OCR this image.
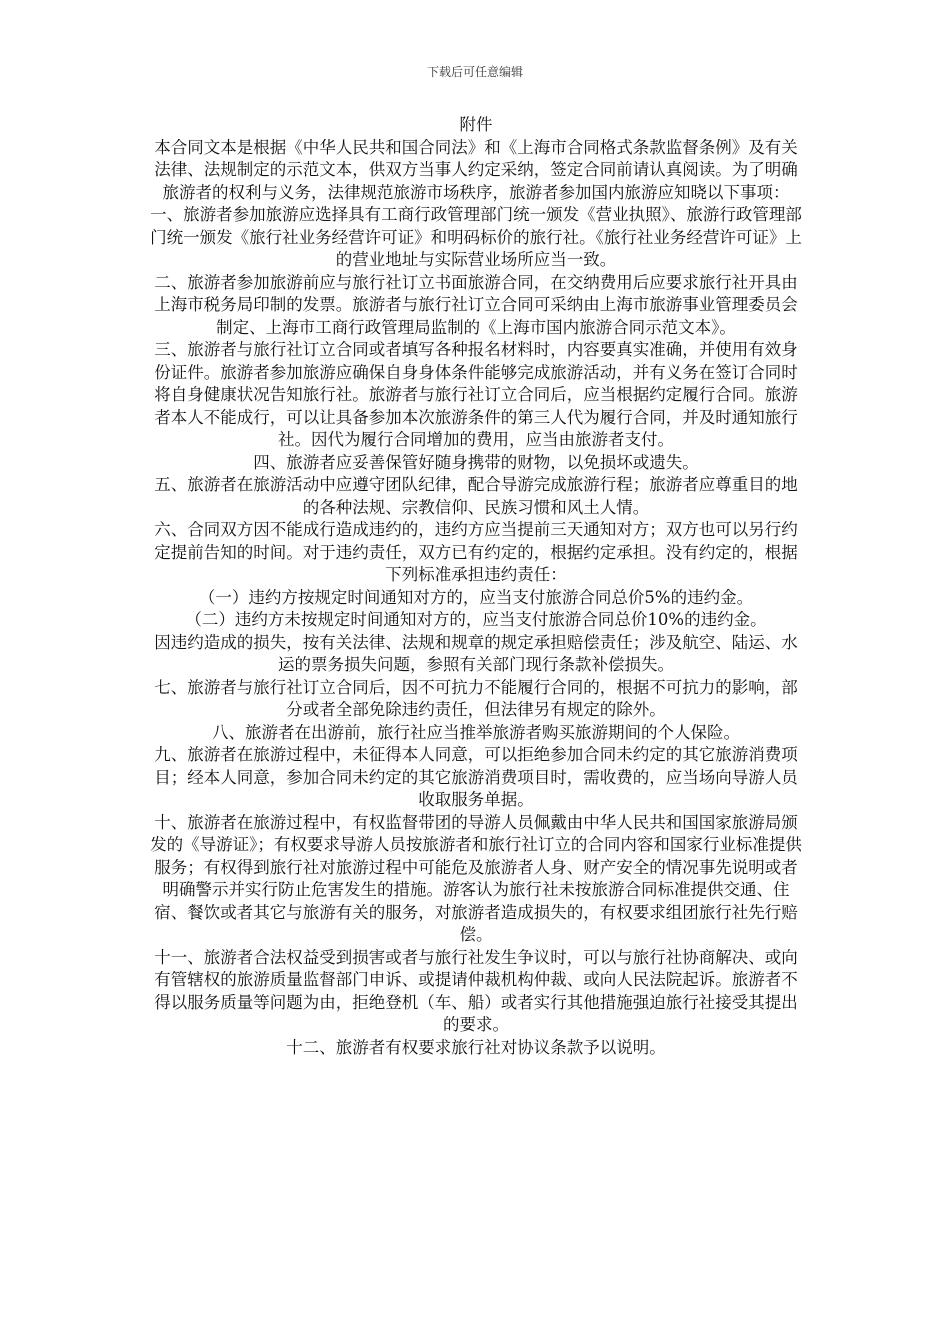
下载后可任意编辑
附件

本合同文本是根据《中华人民共和国合同法》和《上海市合同格式条款监督条例》及有关法律、法规制定的示范文本，供双方当事人约定采纳，签定合同前请认真阅读。为了明确旅游者的权利与义务，法律规范旅游市场秩序，旅游者参加国内旅游应知晓以下事项：

一、旅游者参加旅游应选择具有工商行政管理部门统一颁发《营业执照》、旅游行政管理部门统一颁发《旅行社业务经营许可证》和明码标价的旅行社。《旅行社业务经营许可证》上的营业地址与实际营业场所应当一致。

二、旅游者参加旅游前应与旅行社订立书面旅游合同，在交纳费用后应要求旅行社开具由上海市税务局印制的发票。旅游者与旅行社订立合同可采纳由上海市旅游事业管理委员会制定、上海市工商行政管理局监制的《上海市国内旅游合同示范文本》。

三、旅游者与旅行社订立合同或者填写各种报名材料时，内容要真实准确，并使用有效身份证件。旅游者参加旅游应确保自身身体条件能够完成旅游活动，并有义务在签订合同时将自身健康状况告知旅行社。旅游者与旅行社订立合同后，应当根据约定履行合同。旅游者本人不能成行，可以让具备参加本次旅游条件的第三人代为履行合同，并及时通知旅行社。因代为履行合同增加的费用，应当由旅游者支付。

四、旅游者应妥善保管好随身携带的财物，以免损坏或遗失。

五、旅游者在旅游活动中应遵守团队纪律，配合导游完成旅游行程；旅游者应尊重目的地的各种法规、宗教信仰、民族习惯和风土人情。

六、合同双方因不能成行造成违约的，违约方应当提前三天通知对方；双方也可以另行约定提前告知的时间。对于违约责任，双方已有约定的，根据约定承担。没有约定的，根据下列标准承担违约责任：

（一）违约方按规定时间通知对方的，应当支付旅游合同总价5%的违约金。

（二）违约方未按规定时间通知对方的，应当支付旅游合同总价10%的违约金。

因违约造成的损失，按有关法律、法规和规章的规定承担赔偿责任；涉及航空、陆运、水运的票务损失问题，参照有关部门现行条款补偿损失。

七、旅游者与旅行社订立合同后，因不可抗力不能履行合同的，根据不可抗力的影响，部分或者全部免除违约责任，但法律另有规定的除外。

八、旅游者在出游前，旅行社应当推举旅游者购买旅游期间的个人保险。

九、旅游者在旅游过程中，未征得本人同意，可以拒绝参加合同未约定的其它旅游消费项目；经本人同意，参加合同未约定的其它旅游消费项目时，需收费的，应当场向导游人员收取服务单据。

十、旅游者在旅游过程中，有权监督带团的导游人员佩戴由中华人民共和国国家旅游局颁发的《导游证》；有权要求导游人员按旅游者和旅行社订立的合同内容和国家行业标准提供服务；有权得到旅行社对旅游过程中可能危及旅游者人身、财产安全的情况事先说明或者明确警示并实行防止危害发生的措施。游客认为旅行社未按旅游合同标准提供交通、住宿、餐饮或者其它与旅游有关的服务，对旅游者造成损失的，有权要求组团旅行社先行赔偿。

十一、旅游者合法权益受到损害或者与旅行社发生争议时，可以与旅行社协商解决、或向有管辖权的旅游质量监督部门申诉、或提请仲裁机构仲裁、或向人民法院起诉。旅游者不得以服务质量等问题为由，拒绝登机（车、船）或者实行其他措施强迫旅行社接受其提出的要求。

十二、旅游者有权要求旅行社对协议条款予以说明。
